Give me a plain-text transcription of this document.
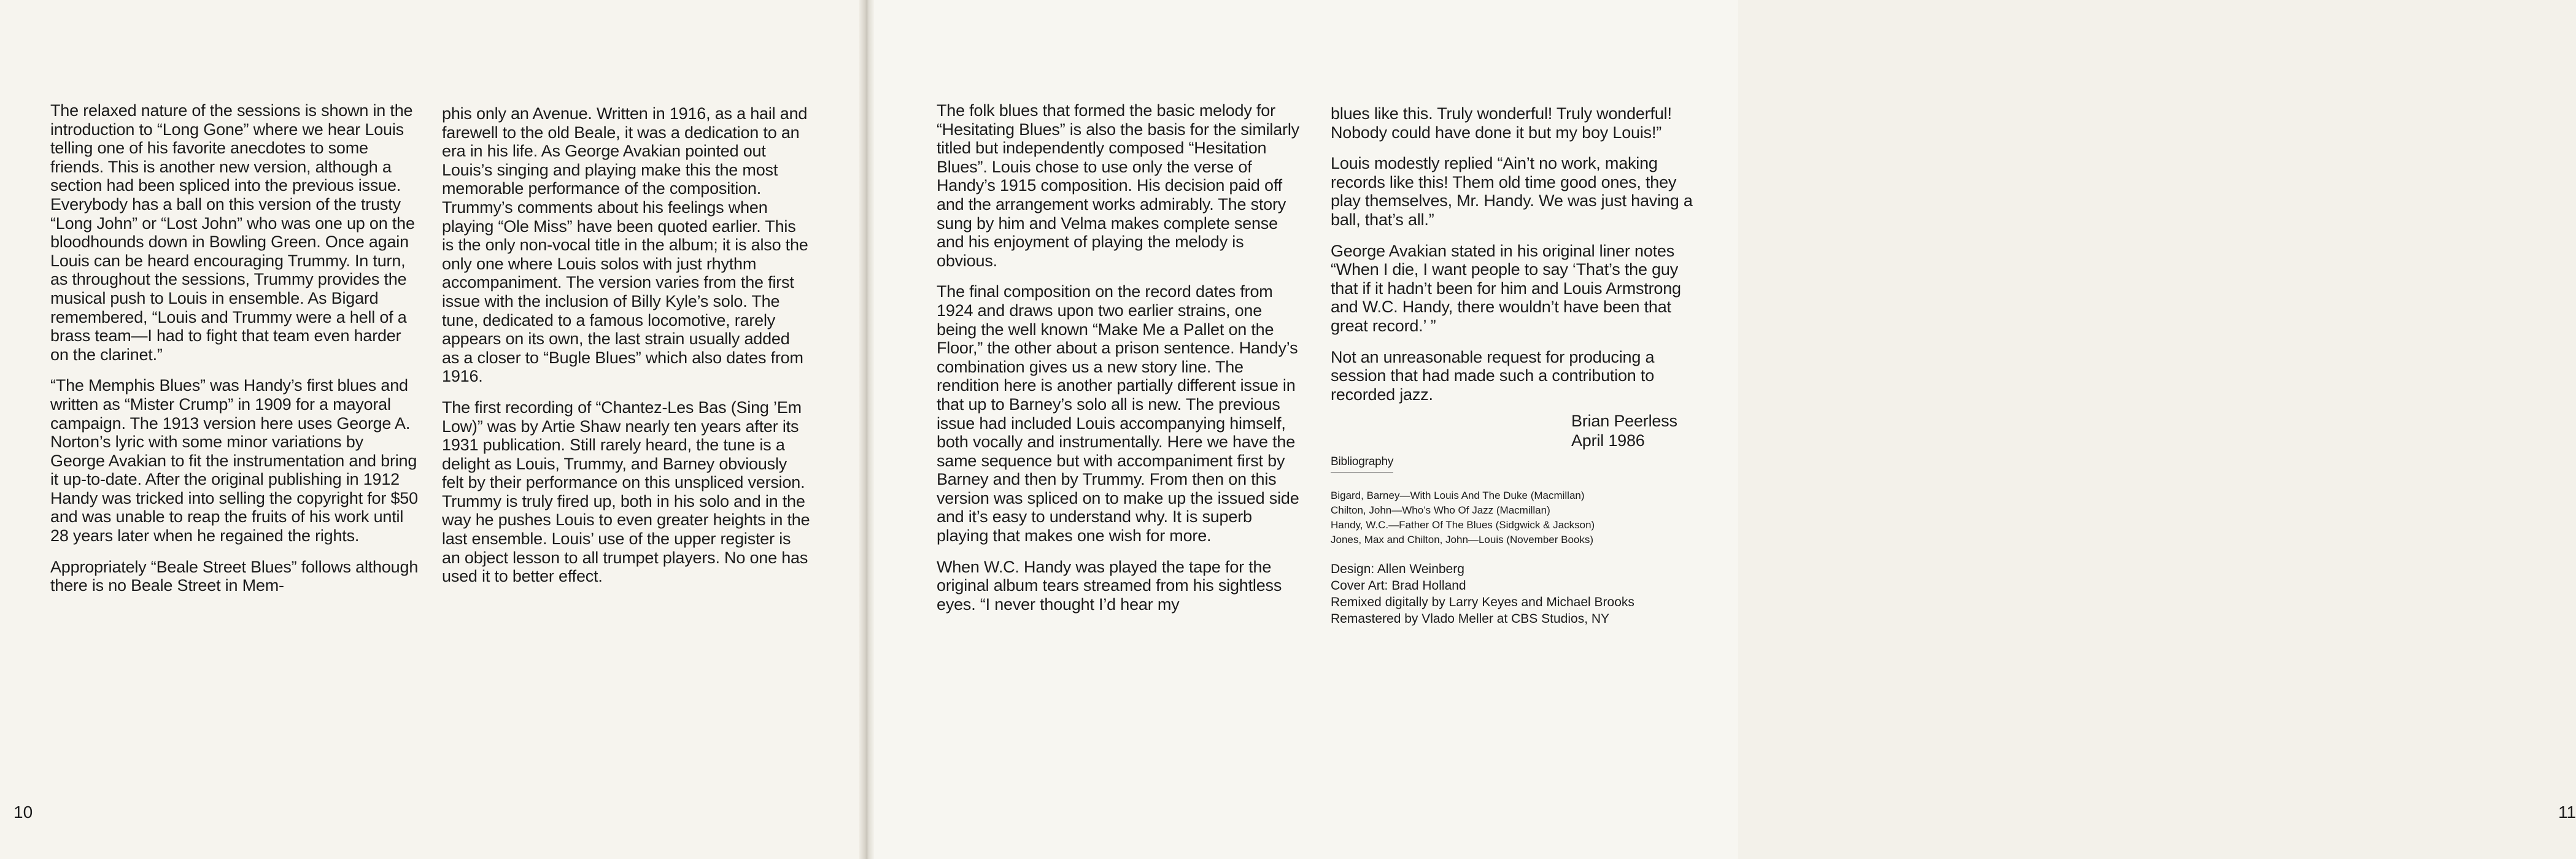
The relaxed nature of the sessions is shown in the introduction to “Long Gone” where we hear Louis telling one of his favorite anecdotes to some friends. This is another new version, although a section had been spliced into the previous issue. Everybody has a ball on this version of the trusty “Long John” or “Lost John” who was one up on the bloodhounds down in Bowling Green. Once again Louis can be heard encouraging Trummy. In turn, as throughout the sessions, Trummy provides the musical push to Louis in ensemble. As Bigard remembered, “Louis and Trummy were a hell of a brass team—I had to fight that team even harder on the clarinet.”

“The Memphis Blues” was Handy’s first blues and written as “Mister Crump” in 1909 for a mayoral campaign. The 1913 version here uses George A. Norton’s lyric with some minor variations by George Avakian to fit the instrumentation and bring it up-to-date. After the original publishing in 1912 Handy was tricked into selling the copyright for $50 and was unable to reap the fruits of his work until 28 years later when he regained the rights.

Appropriately “Beale Street Blues” follows although there is no Beale Street in Mem-

phis only an Avenue. Written in 1916, as a hail and farewell to the old Beale, it was a dedication to an era in his life. As George Avakian pointed out Louis’s singing and playing make this the most memorable performance of the composition.

Trummy’s comments about his feelings when playing “Ole Miss” have been quoted earlier. This is the only non-vocal title in the album; it is also the only one where Louis solos with just rhythm accompaniment. The version varies from the first issue with the inclusion of Billy Kyle’s solo. The tune, dedicated to a famous locomotive, rarely appears on its own, the last strain usually added as a closer to “Bugle Blues” which also dates from 1916.

The first recording of “Chantez-Les Bas (Sing ’Em Low)” was by Artie Shaw nearly ten years after its 1931 publication. Still rarely heard, the tune is a delight as Louis, Trummy, and Barney obviously felt by their performance on this unspliced version. Trummy is truly fired up, both in his solo and in the way he pushes Louis to even greater heights in the last ensemble. Louis’ use of the upper register is an object lesson to all trumpet players. No one has used it to better effect.

10	11

The folk blues that formed the basic melody for “Hesitating Blues” is also the basis for the similarly titled but independently composed “Hesitation Blues”. Louis chose to use only the verse of Handy’s 1915 composition. His decision paid off and the arrangement works admirably. The story sung by him and Velma makes complete sense and his enjoyment of playing the melody is obvious.

The final composition on the record dates from 1924 and draws upon two earlier strains, one being the well known “Make Me a Pallet on the Floor,” the other about a prison sentence. Handy’s combination gives us a new story line. The rendition here is another partially different issue in that up to Barney’s solo all is new. The previous issue had included Louis accompanying himself, both vocally and instrumentally. Here we have the same sequence but with accompaniment first by Barney and then by Trummy. From then on this version was spliced on to make up the issued side and it’s easy to understand why. It is superb playing that makes one wish for more.

When W.C. Handy was played the tape for the original album tears streamed from his sightless eyes. “I never thought I’d hear my

blues like this. Truly wonderful! Truly wonderful! Nobody could have done it but my boy Louis!”

Louis modestly replied “Ain’t no work, making records like this! Them old time good ones, they play themselves, Mr. Handy. We was just having a ball, that’s all.”

George Avakian stated in his original liner notes “When I die, I want people to say ‘That’s the guy that if it hadn’t been for him and Louis Armstrong and W.C. Handy, there wouldn’t have been that great record.’ ”

Not an unreasonable request for producing a session that had made such a contribution to recorded jazz.

Brian Peerless
April 1986
Bibliography
Bigard, Barney—With Louis And The Duke (Macmillan)
Chilton, John—Who’s Who Of Jazz (Macmillan)
Handy, W.C.—Father Of The Blues (Sidgwick & Jackson)
Jones, Max and Chilton, John—Louis (November Books)
Design: Allen Weinberg
Cover Art: Brad Holland
Remixed digitally by Larry Keyes and Michael Brooks
Remastered by Vlado Meller at CBS Studios, NY
